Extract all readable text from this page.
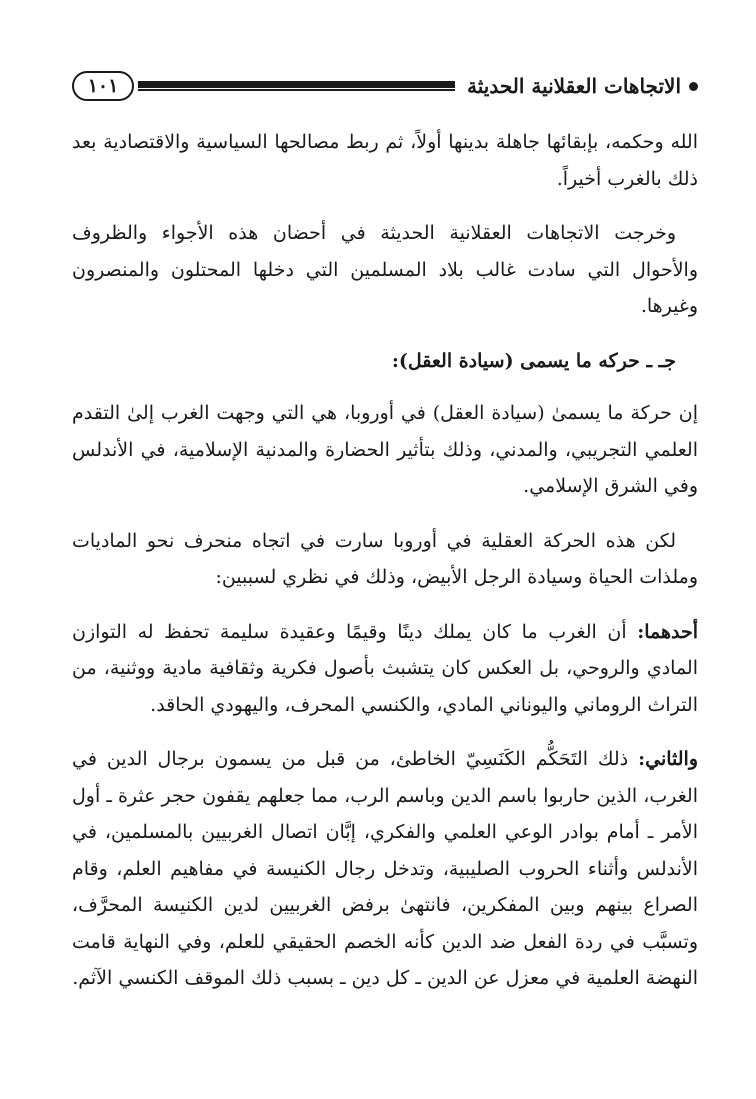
الاتجاهات العقلانية الحديثة
١٠١

الله وحكمه، بإبقائها جاهلة بدينها أولاً، ثم ربط مصالحها السياسية والاقتصادية بعد ذلك بالغرب أخيراً.

وخرجت الاتجاهات العقلانية الحديثة في أحضان هذه الأجواء والظروف والأحوال التي سادت غالب بلاد المسلمين التي دخلها المحتلون والمنصرون وغيرها.

جـ ـ حركه ما يسمى (سيادة العقل):

إن حركة ما يسمىٰ (سيادة العقل) في أوروبا، هي التي وجهت الغرب إلىٰ التقدم العلمي التجريبي، والمدني، وذلك بتأثير الحضارة والمدنية الإسلامية، في الأندلس وفي الشرق الإسلامي.

لكن هذه الحركة العقلية في أوروبا سارت في اتجاه منحرف نحو الماديات وملذات الحياة وسيادة الرجل الأبيض، وذلك في نظري لسببين:

أحدهما: أن الغرب ما كان يملك دينًا وقيمًا وعقيدة سليمة تحفظ له التوازن المادي والروحي، بل العكس كان يتشبث بأصول فكرية وثقافية مادية ووثنية، من التراث الروماني واليوناني المادي، والكنسي المحرف، واليهودي الحاقد.

والثاني: ذلك التَحَكُّم الكَنَسِيّ الخاطئ، من قبل من يسمون برجال الدين في الغرب، الذين حاربوا باسم الدين وباسم الرب، مما جعلهم يقفون حجر عثرة ـ أول الأمر ـ أمام بوادر الوعي العلمي والفكري، إبَّان اتصال الغربيين بالمسلمين، في الأندلس وأثناء الحروب الصليبية، وتدخل رجال الكنيسة في مفاهيم العلم، وقام الصراع بينهم وبين المفكرين، فانتهىٰ برفض الغربيين لدين الكنيسة المحرَّف، وتسبَّب في ردة الفعل ضد الدين كأنه الخصم الحقيقي للعلم، وفي النهاية قامت النهضة العلمية في معزل عن الدين ـ كل دين ـ بسبب ذلك الموقف الكنسي الآثم.
